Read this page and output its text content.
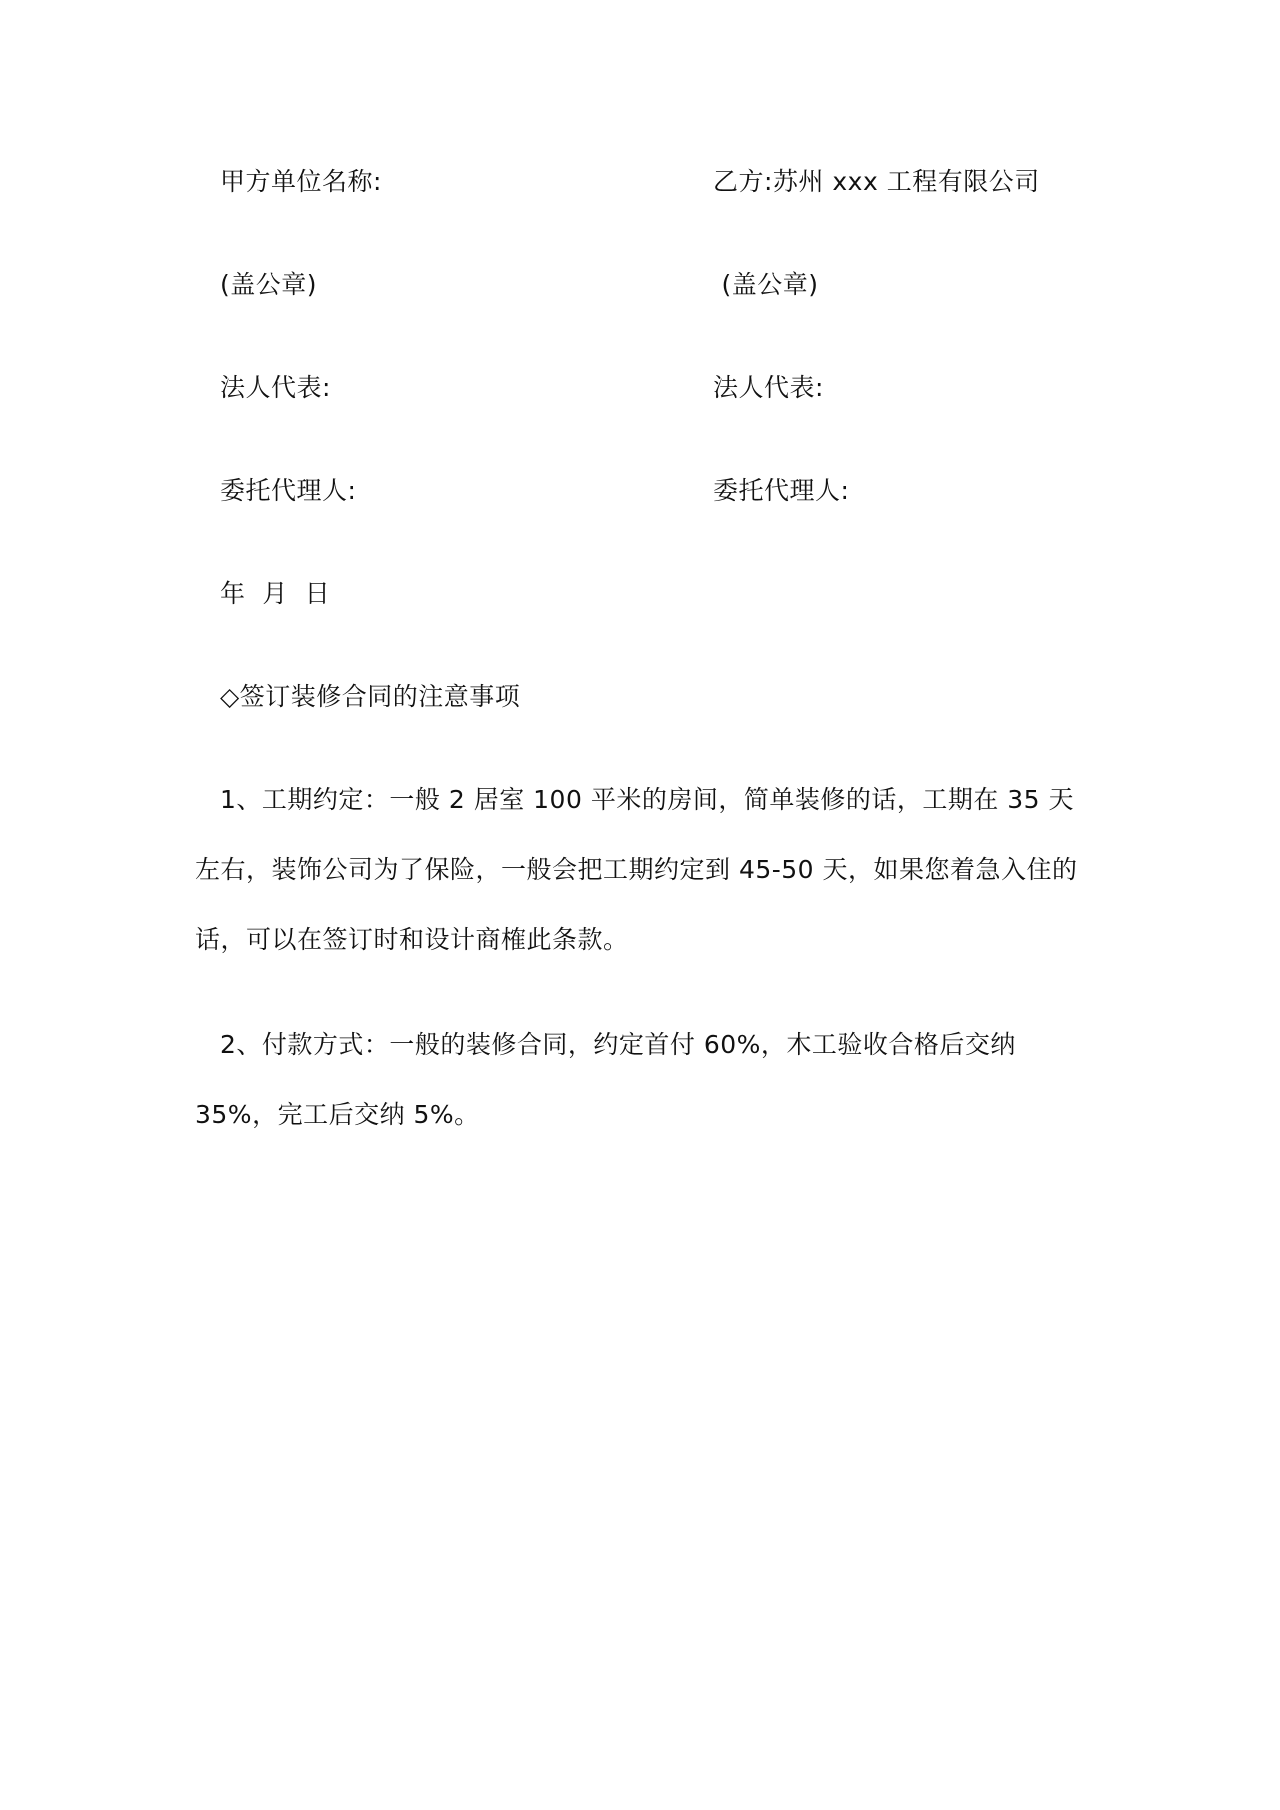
甲方单位名称:	乙方:苏州 xxx 工程有限公司
(盖公章)	(盖公章)
法人代表:	法人代表:
委托代理人:	委托代理人:
年  月  日
◇签订装修合同的注意事项
1、工期约定：一般 2 居室 100 平米的房间，简单装修的话，工期在 35 天左右，装饰公司为了保险，一般会把工期约定到 45-50 天，如果您着急入住的话，可以在签订时和设计商榷此条款。
2、付款方式：一般的装修合同，约定首付 60%，木工验收合格后交纳 35%，完工后交纳 5%。
